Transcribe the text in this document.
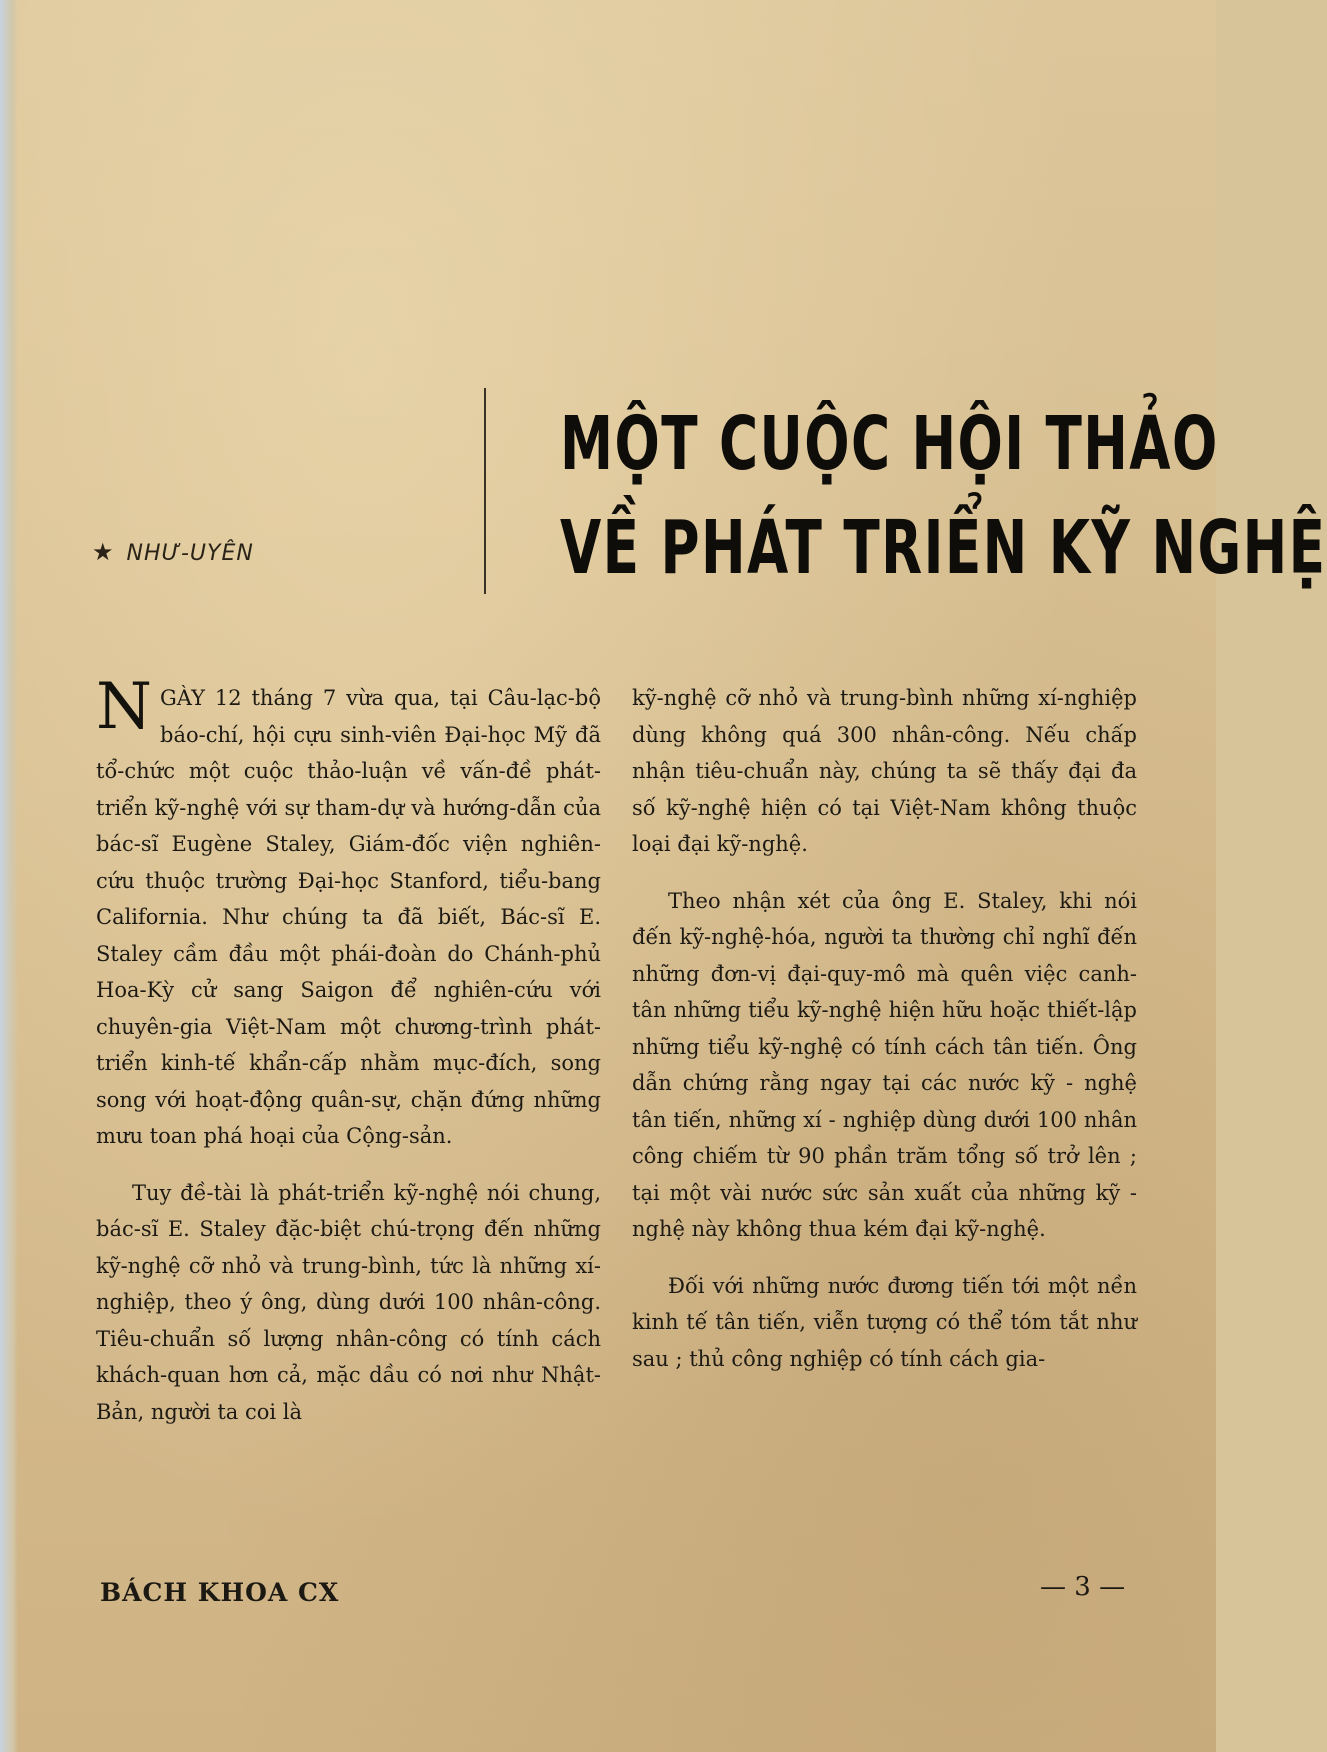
★ NHƯ-UYÊN
MỘT CUỘC HỘI THẢO
VỀ PHÁT TRIỂN KỸ NGHỆ

NGÀY 12 tháng 7 vừa qua, tại Câu-lạc-bộ báo-chí, hội cựu sinh-viên Đại-học Mỹ đã tổ-chức một cuộc thảo-luận về vấn-đề phát-triển kỹ-nghệ với sự tham-dự và hướng-dẫn của bác-sĩ Eugène Staley, Giám-đốc viện nghiên-cứu thuộc trường Đại-học Stanford, tiểu-bang California. Như chúng ta đã biết, Bác-sĩ E. Staley cầm đầu một phái-đoàn do Chánh-phủ Hoa-Kỳ cử sang Saigon để nghiên-cứu với chuyên-gia Việt-Nam một chương-trình phát-triển kinh-tế khẩn-cấp nhằm mục-đích, song song với hoạt-động quân-sự, chặn đứng những mưu toan phá hoại của Cộng-sản.

Tuy đề-tài là phát-triển kỹ-nghệ nói chung, bác-sĩ E. Staley đặc-biệt chú-trọng đến những kỹ-nghệ cỡ nhỏ và trung-bình, tức là những xí-nghiệp, theo ý ông, dùng dưới 100 nhân-công. Tiêu-chuẩn số lượng nhân-công có tính cách khách-quan hơn cả, mặc dầu có nơi như Nhật-Bản, người ta coi là

kỹ-nghệ cỡ nhỏ và trung-bình những xí-nghiệp dùng không quá 300 nhân-công. Nếu chấp nhận tiêu-chuẩn này, chúng ta sẽ thấy đại đa số kỹ-nghệ hiện có tại Việt-Nam không thuộc loại đại kỹ-nghệ.

Theo nhận xét của ông E. Staley, khi nói đến kỹ-nghệ-hóa, người ta thường chỉ nghĩ đến những đơn-vị đại-quy-mô mà quên việc canh-tân những tiểu kỹ-nghệ hiện hữu hoặc thiết-lập những tiểu kỹ-nghệ có tính cách tân tiến. Ông dẫn chứng rằng ngay tại các nước kỹ - nghệ tân tiến, những xí - nghiệp dùng dưới 100 nhân công chiếm từ 90 phần trăm tổng số trở lên ; tại một vài nước sức sản xuất của những kỹ - nghệ này không thua kém đại kỹ-nghệ.

Đối với những nước đương tiến tới một nền kinh tế tân tiến, viễn tượng có thể tóm tắt như sau ; thủ công nghiệp có tính cách gia-

BÁCH KHOA CX	— 3 —
